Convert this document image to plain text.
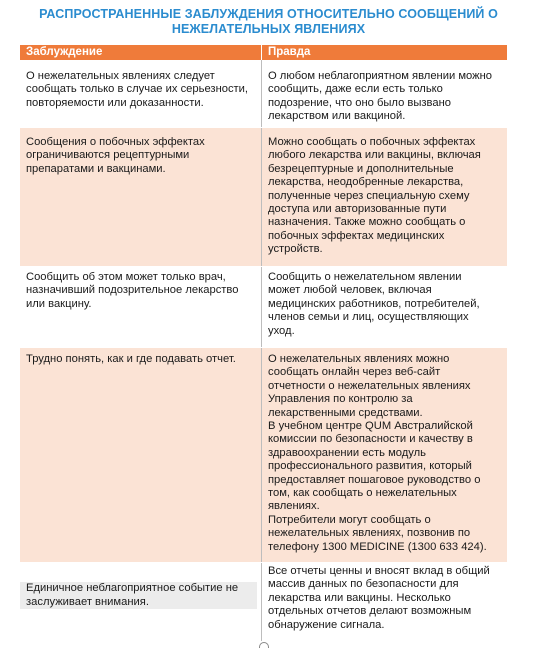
РАСПРОСТРАНЕННЫЕ ЗАБЛУЖДЕНИЯ ОТНОСИТЕЛЬНО СООБЩЕНИЙ О
НЕЖЕЛАТЕЛЬНЫХ ЯВЛЕНИЯХ
Заблуждение	Правда
О нежелательных явлениях следует
сообщать только в случае их серьезности,
повторяемости или доказанности.
О любом неблагоприятном явлении можно
сообщить, даже если есть только
подозрение, что оно было вызвано
лекарством или вакциной.
Сообщения о побочных эффектах
ограничиваются рецептурными
препаратами и вакцинами.
Можно сообщать о побочных эффектах
любого лекарства или вакцины, включая
безрецептурные и дополнительные
лекарства, неодобренные лекарства,
полученные через специальную схему
доступа или авторизованные пути
назначения. Также можно сообщать о
побочных эффектах медицинских
устройств.
Сообщить об этом может только врач,
назначивший подозрительное лекарство
или вакцину.
Сообщить о нежелательном явлении
может любой человек, включая
медицинских работников, потребителей,
членов семьи и лиц, осуществляющих
уход.
Трудно понять, как и где подавать отчет.	О нежелательных явлениях можно
сообщать онлайн через веб-сайт
отчетности о нежелательных явлениях
Управления по контролю за
лекарственными средствами.
В учебном центре QUM Австралийской
комиссии по безопасности и качеству в
здравоохранении есть модуль
профессионального развития, который
предоставляет пошаговое руководство о
том, как сообщать о нежелательных
явлениях.
Потребители могут сообщать о
нежелательных явлениях, позвонив по
телефону 1300 MEDICINE (1300 633 424).

Единичное неблагоприятное событие не
заслуживает внимания.

Все отчеты ценны и вносят вклад в общий
массив данных по безопасности для
лекарства или вакцины. Несколько
отдельных отчетов делают возможным
обнаружение сигнала.
